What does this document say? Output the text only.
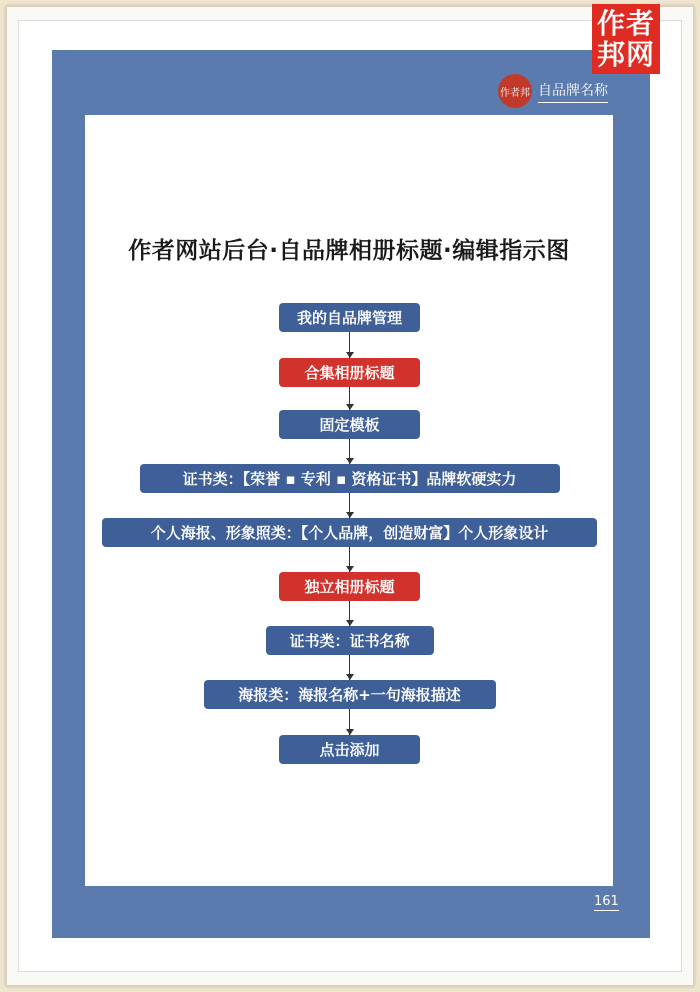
作者
邦网
作者邦 自品牌名称
作者网站后台·自品牌相册标题·编辑指示图
我的自品牌管理
合集相册标题
固定模板
证书类：【荣誉 ▪ 专利 ▪ 资格证书】品牌软硬实力
个人海报、形象照类：【个人品牌，创造财富】个人形象设计
独立相册标题
证书类：证书名称
海报类：海报名称+一句海报描述
点击添加
161
